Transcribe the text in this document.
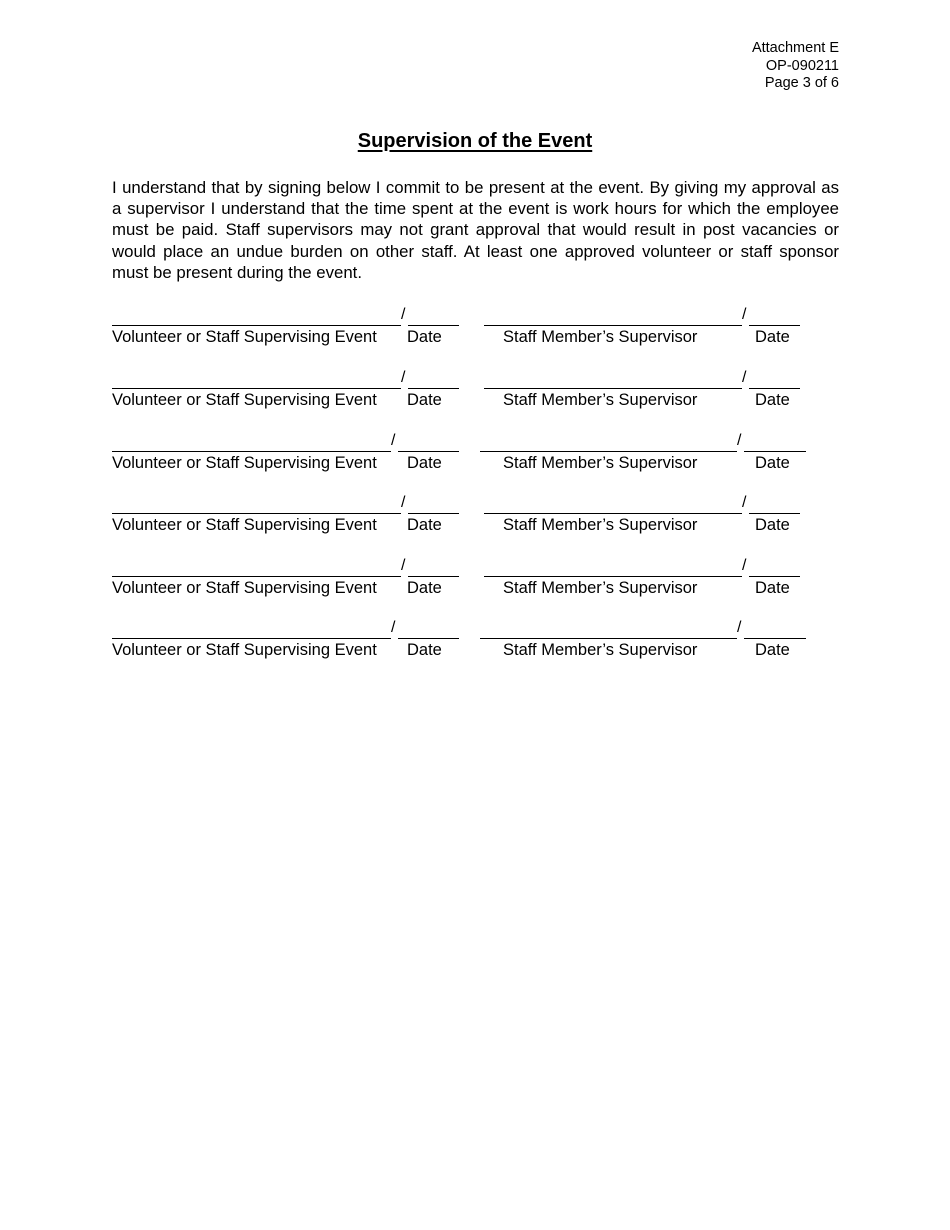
Attachment E
OP-090211
Page 3 of 6
Supervision of the Event

I understand that by signing below I commit to be present at the event. By giving my approval as a supervisor I understand that the time spent at the event is work hours for which the employee must be paid. Staff supervisors may not grant approval that would result in post vacancies or would place an undue burden on other staff. At least one approved volunteer or staff sponsor must be present during the event.

/	/
Volunteer or Staff Supervising Event Date	Staff Member’s Supervisor	Date
/	/
Volunteer or Staff Supervising Event Date	Staff Member’s Supervisor	Date
/	/
Volunteer or Staff Supervising Event Date	Staff Member’s Supervisor	Date
/	/
Volunteer or Staff Supervising Event Date	Staff Member’s Supervisor	Date
/	/
Volunteer or Staff Supervising Event Date	Staff Member’s Supervisor	Date
/	/
Volunteer or Staff Supervising Event Date	Staff Member’s Supervisor	Date
